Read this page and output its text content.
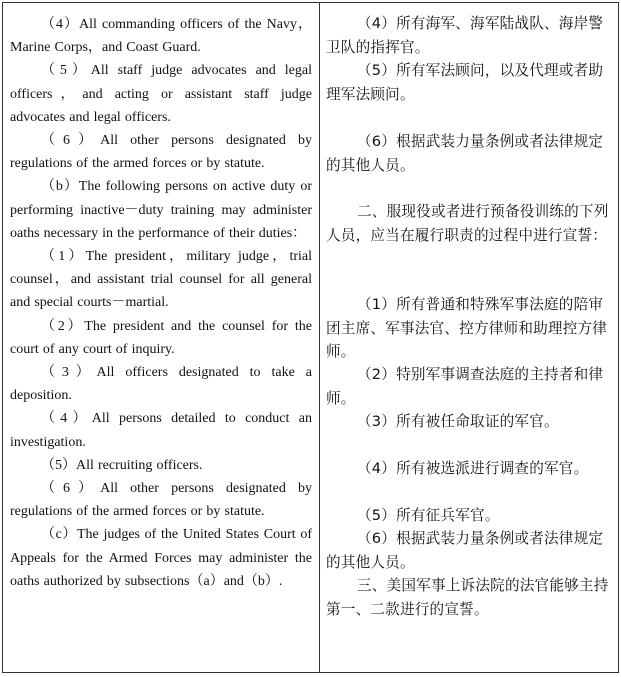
（4）All commanding officers of the Navy，Marine Corps，and Coast Guard.

（5）All staff judge advocates and legal officers，and acting or assistant staff judge advocates and legal officers.

（6）All other persons designated by regulations of the armed forces or by statute.

（b）The following persons on active duty or performing inactive－duty training may administer oaths necessary in the performance of their duties：

（1）The president，military judge，trial counsel，and assistant trial counsel for all general and special courts－martial.

（2）The president and the counsel for the court of any court of inquiry.

（3）All officers designated to take a deposition.

（4）All persons detailed to conduct an investigation.

（5）All recruiting officers.

（6）All other persons designated by regulations of the armed forces or by statute.

（c）The judges of the United States Court of Appeals for the Armed Forces may administer the oaths authorized by subsections（a）and（b）.

（4）所有海军、海军陆战队、海岸警卫队的指挥官。

（5）所有军法顾问，以及代理或者助理军法顾问。

（6）根据武装力量条例或者法律规定的其他人员。

二、服现役或者进行预备役训练的下列人员，应当在履行职责的过程中进行宣誓：

（1）所有普通和特殊军事法庭的陪审团主席、军事法官、控方律师和助理控方律师。

（2）特别军事调查法庭的主持者和律师。

（3）所有被任命取证的军官。

（4）所有被选派进行调查的军官。

（5）所有征兵军官。

（6）根据武装力量条例或者法律规定的其他人员。

三、美国军事上诉法院的法官能够主持第一、二款进行的宣誓。
